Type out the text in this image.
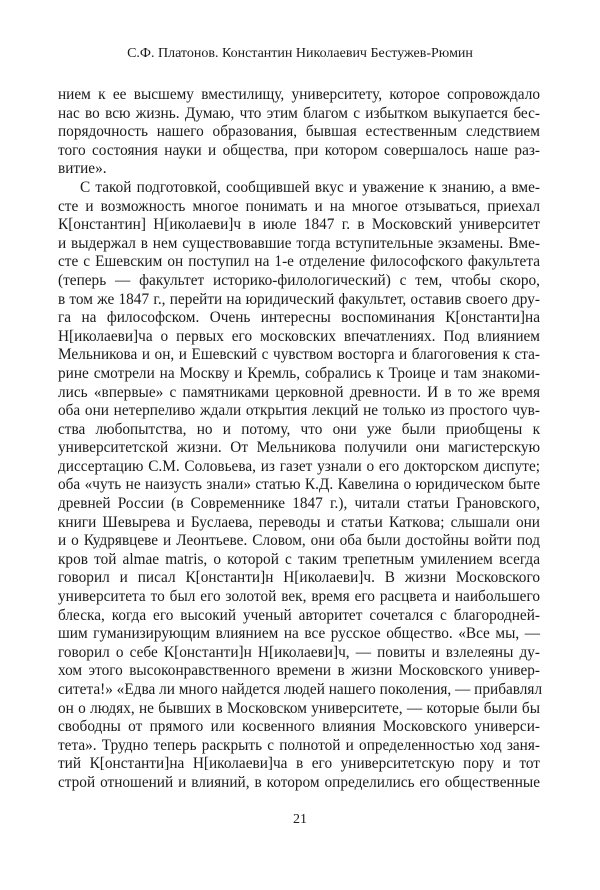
С.Ф. Платонов. Константин Николаевич Бестужев-Рюмин
нием к ее высшему вместилищу, университету, которое сопровождало
нас во всю жизнь. Думаю, что этим благом с избытком выкупается бес-
порядочность нашего образования, бывшая естественным следствием
того состояния науки и общества, при котором совершалось наше раз-
витие».
С такой подготовкой, сообщившей вкус и уважение к знанию, а вме-
сте и возможность многое понимать и на многое отзываться, приехал
К[онстантин] Н[иколаеви]ч в июле 1847 г. в Московский университет
и выдержал в нем существовавшие тогда вступительные экзамены. Вме-
сте с Ешевским он поступил на 1-е отделение философского факультета
(теперь — факультет историко-филологический) с тем, чтобы скоро,
в том же 1847 г., перейти на юридический факультет, оставив своего дру-
га на философском. Очень интересны воспоминания К[онстанти]на
Н[иколаеви]ча о первых его московских впечатлениях. Под влиянием
Мельникова и он, и Ешевский с чувством восторга и благоговения к ста-
рине смотрели на Москву и Кремль, собрались к Троице и там знакоми-
лись «впервые» с памятниками церковной древности. И в то же время
оба они нетерпеливо ждали открытия лекций не только из простого чув-
ства любопытства, но и потому, что они уже были приобщены к
университетской жизни. От Мельникова получили они магистерскую
диссертацию С.М. Соловьева, из газет узнали о его докторском диспуте;
оба «чуть не наизусть знали» статью К.Д. Кавелина о юридическом быте
древней России (в Современнике 1847 г.), читали статьи Грановского,
книги Шевырева и Буслаева, переводы и статьи Каткова; слышали они
и о Кудрявцеве и Леонтьеве. Словом, они оба были достойны войти под
кров той almae matris, о которой с таким трепетным умилением всегда
говорил и писал К[онстанти]н Н[иколаеви]ч. В жизни Московского
университета то был его золотой век, время его расцвета и наибольшего
блеска, когда его высокий ученый авторитет сочетался с благородней-
шим гуманизирующим влиянием на все русское общество. «Все мы, —
говорил о себе К[онстанти]н Н[иколаеви]ч, — повиты и взлелеяны ду-
хом этого высоконравственного времени в жизни Московского универ-
ситета!» «Едва ли много найдется людей нашего поколения, — прибавлял
он о людях, не бывших в Московском университете, — которые были бы
свободны от прямого или косвенного влияния Московского универси-
тета». Трудно теперь раскрыть с полнотой и определенностью ход заня-
тий К[онстанти]на Н[иколаеви]ча в его университетскую пору и тот
строй отношений и влияний, в котором определились его общественные
21
